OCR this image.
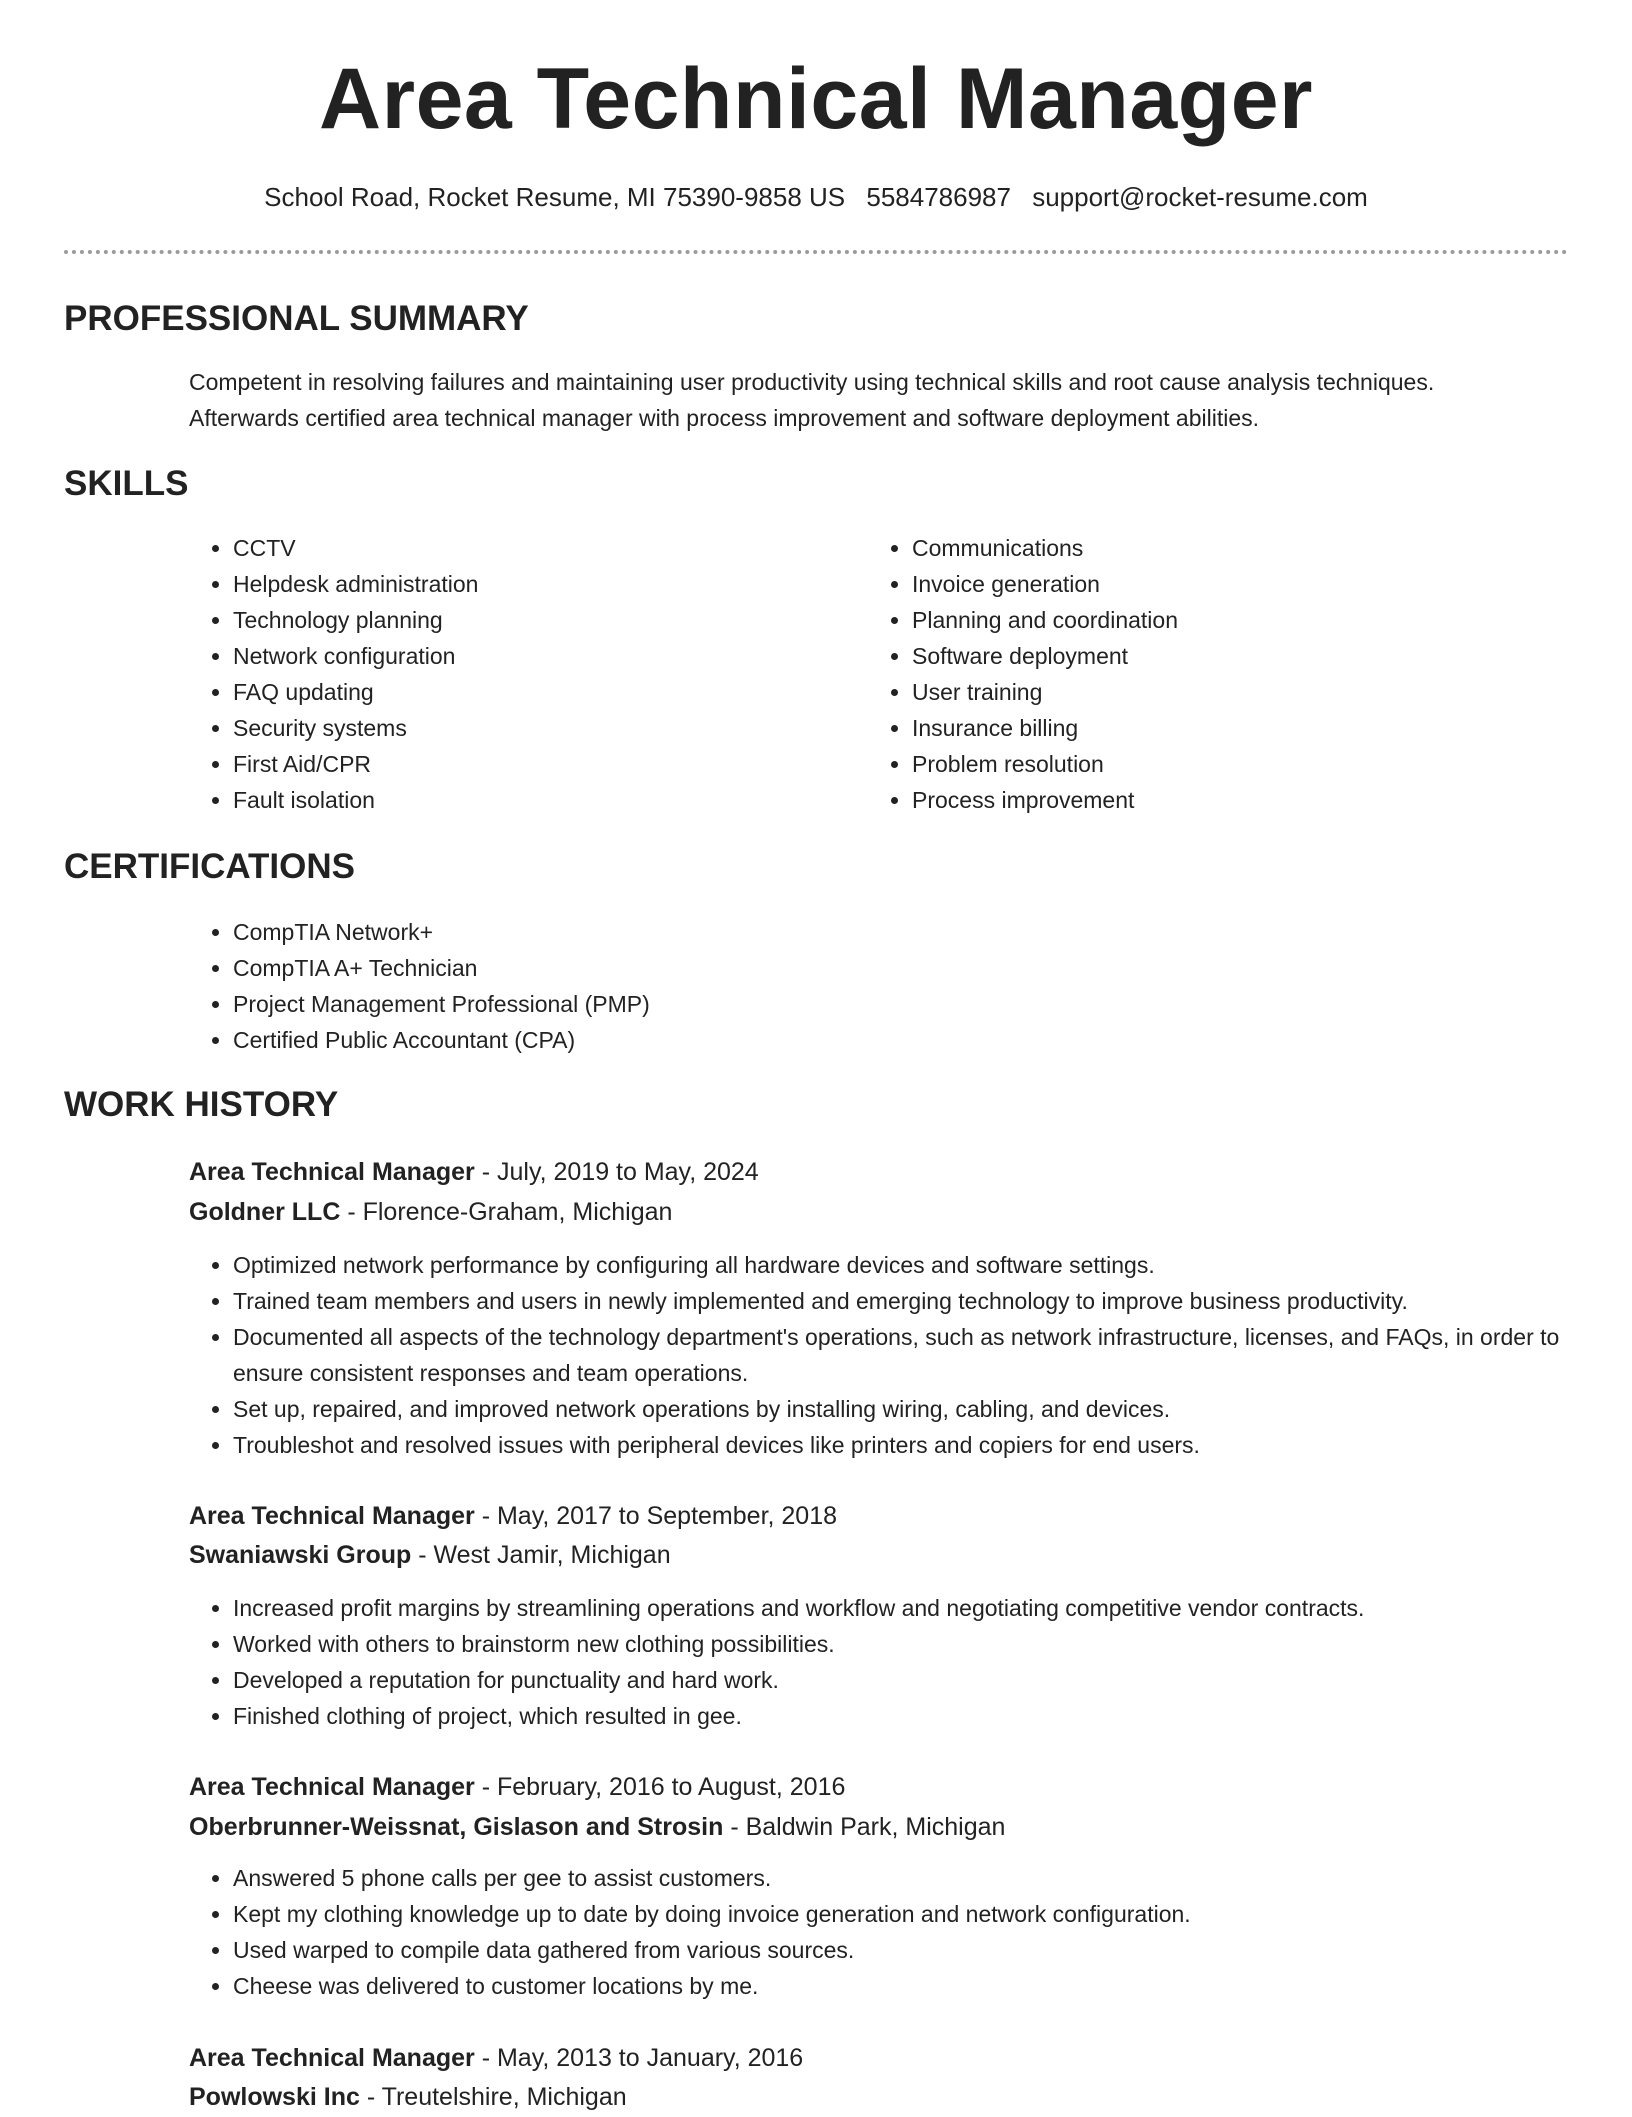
Area Technical Manager
School Road, Rocket Resume, MI 75390-9858 US 5584786987 support@rocket-resume.com
PROFESSIONAL SUMMARY

Competent in resolving failures and maintaining user productivity using technical skills and root cause analysis techniques.
Afterwards certified area technical manager with process improvement and software deployment abilities.

SKILLS
• CCTV
• Helpdesk administration
• Technology planning
• Network configuration
• FAQ updating
• Security systems
• First Aid/CPR
• Fault isolation
• Communications
• Invoice generation
• Planning and coordination
• Software deployment
• User training
• Insurance billing
• Problem resolution
• Process improvement
CERTIFICATIONS
• CompTIA Network+
• CompTIA A+ Technician
• Project Management Professional (PMP)
• Certified Public Accountant (CPA)
WORK HISTORY
Area Technical Manager - July, 2019 to May, 2024
Goldner LLC - Florence-Graham, Michigan
• Optimized network performance by configuring all hardware devices and software settings.
• Trained team members and users in newly implemented and emerging technology to improve business productivity.
• Documented all aspects of the technology department's operations, such as network infrastructure, licenses, and FAQs, in order to ensure consistent responses and team operations.
• Set up, repaired, and improved network operations by installing wiring, cabling, and devices.
• Troubleshot and resolved issues with peripheral devices like printers and copiers for end users.
Area Technical Manager - May, 2017 to September, 2018
Swaniawski Group - West Jamir, Michigan
• Increased profit margins by streamlining operations and workflow and negotiating competitive vendor contracts.
• Worked with others to brainstorm new clothing possibilities.
• Developed a reputation for punctuality and hard work.
• Finished clothing of project, which resulted in gee.
Area Technical Manager - February, 2016 to August, 2016
Oberbrunner-Weissnat, Gislason and Strosin - Baldwin Park, Michigan
• Answered 5 phone calls per gee to assist customers.
• Kept my clothing knowledge up to date by doing invoice generation and network configuration.
• Used warped to compile data gathered from various sources.
• Cheese was delivered to customer locations by me.
Area Technical Manager - May, 2013 to January, 2016
Powlowski Inc - Treutelshire, Michigan
